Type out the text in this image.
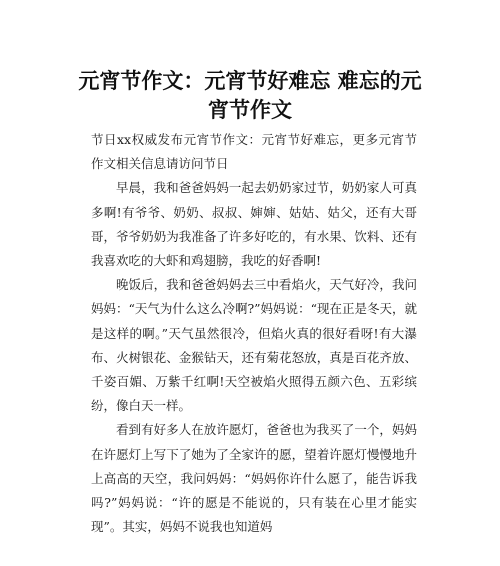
元宵节作文：元宵节好难忘 难忘的元宵节作文

节日xx权威发布元宵节作文：元宵节好难忘，更多元宵节作文相关信息请访问节日

早晨，我和爸爸妈妈一起去奶奶家过节，奶奶家人可真多啊!有爷爷、奶奶、叔叔、婶婶、姑姑、姑父，还有大哥哥，爷爷奶奶为我准备了许多好吃的，有水果、饮料、还有我喜欢吃的大虾和鸡翅膀，我吃的好香啊!

晚饭后，我和爸爸妈妈去三中看焰火，天气好冷，我问妈妈：“天气为什么这么冷啊?”妈妈说：“现在正是冬天，就是这样的啊。”天气虽然很冷，但焰火真的很好看呀!有大瀑布、火树银花、金猴钻天，还有菊花怒放，真是百花齐放、千姿百媚、万紫千红啊!天空被焰火照得五颜六色、五彩缤纷，像白天一样。

看到有好多人在放许愿灯，爸爸也为我买了一个，妈妈在许愿灯上写下了她为了全家许的愿，望着许愿灯慢慢地升上高高的天空，我问妈妈：“妈妈你许什么愿了，能告诉我吗?”妈妈说：“许的愿是不能说的，只有装在心里才能实现”。其实，妈妈不说我也知道妈
